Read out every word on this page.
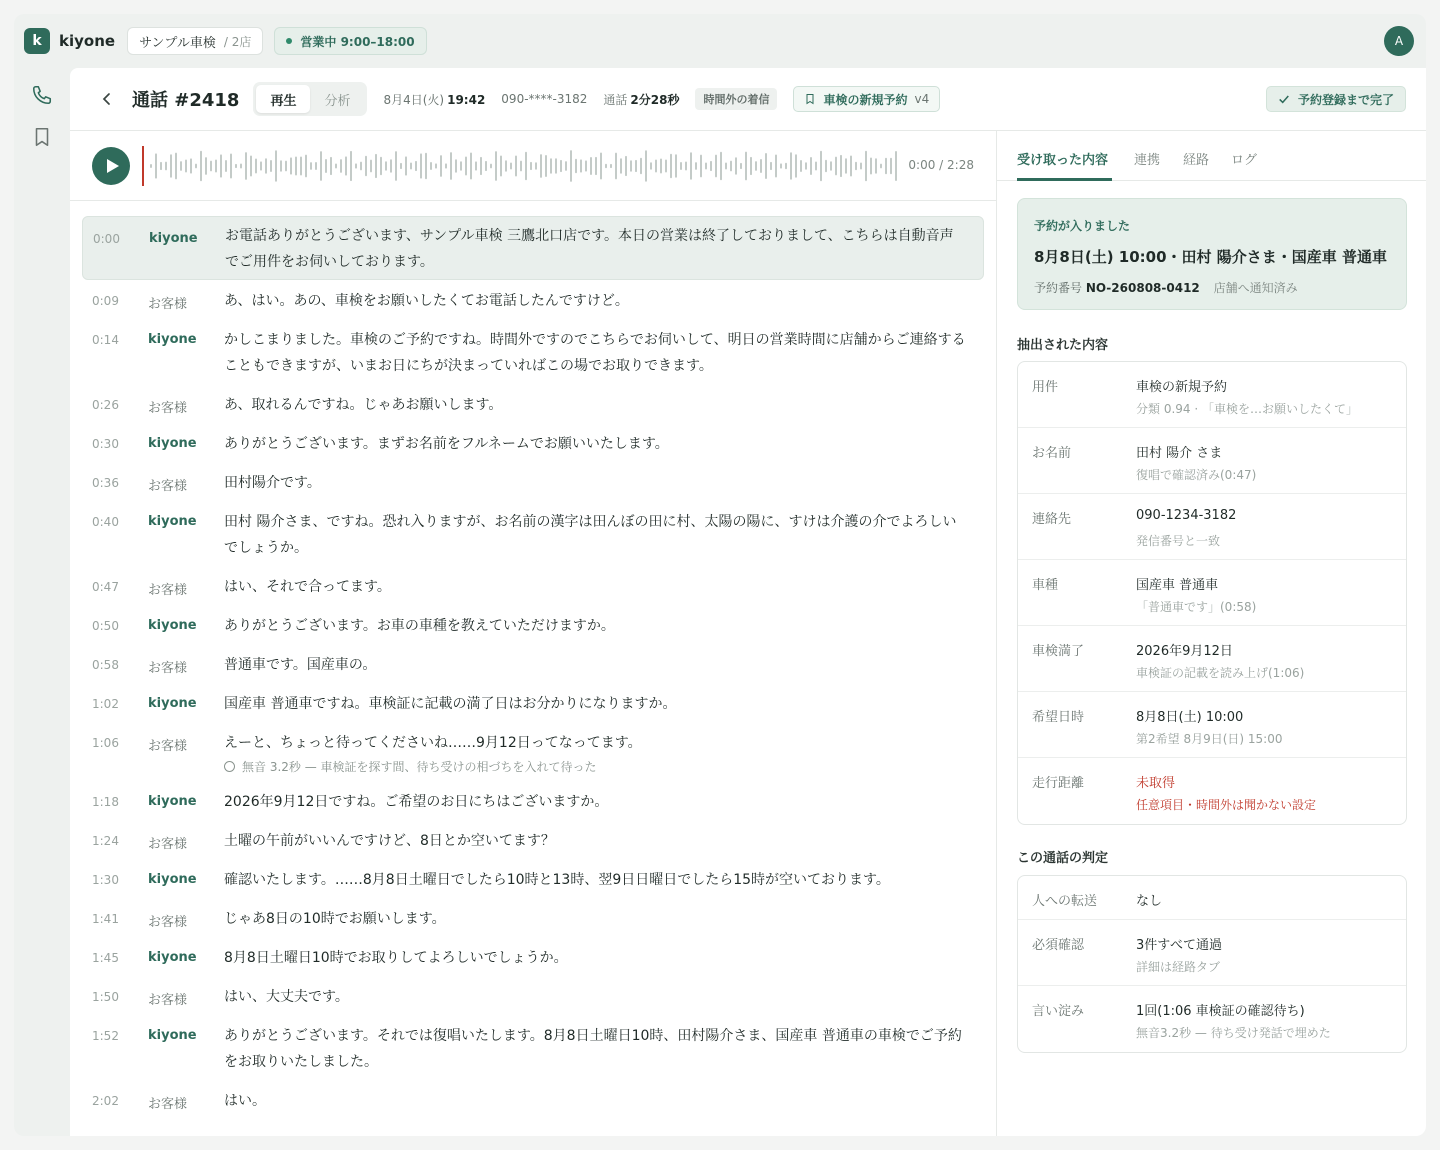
k	kiyone サンプル車検 / 2店	営業中 9:00–18:00	A
通話 #2418	再生	分析	8月4日(火) 19:42 090-****-3182 通話 2分28秒	時間外の着信	車検の新規予約 v4	予約登録まで完了
0:00 / 2:28
0:00 kiyone お電話ありがとうございます、サンプル車検 三鷹北口店です。本日の営業は終了しておりまして、こちらは自動音声でご用件をお伺いしております。
0:09 お客様	あ、はい。あの、車検をお願いしたくてお電話したんですけど。
0:14 kiyone かしこまりました。車検のご予約ですね。時間外ですのでこちらでお伺いして、明日の営業時間に店舗からご連絡することもできますが、いまお日にちが決まっていればこの場でお取りできます。
0:26 お客様	あ、取れるんですね。じゃあお願いします。
0:30 kiyone ありがとうございます。まずお名前をフルネームでお願いいたします。
0:36 お客様	田村陽介です。
0:40 kiyone 田村 陽介さま、ですね。恐れ入りますが、お名前の漢字は田んぼの田に村、太陽の陽に、すけは介護の介でよろしいでしょうか。
0:47 お客様	はい、それで合ってます。
0:50 kiyone ありがとうございます。お車の車種を教えていただけますか。
0:58 お客様	普通車です。国産車の。
1:02 kiyone 国産車 普通車ですね。車検証に記載の満了日はお分かりになりますか。
1:06 お客様	えーと、ちょっと待ってくださいね……9月12日ってなってます。
無音 3.2秒 — 車検証を探す間、待ち受けの相づちを入れて待った
1:18 kiyone 2026年9月12日ですね。ご希望のお日にちはございますか。
1:24 お客様	土曜の午前がいいんですけど、8日とか空いてます？
1:30 kiyone 確認いたします。……8月8日土曜日でしたら10時と13時、翌9日日曜日でしたら15時が空いております。
1:41 お客様	じゃあ8日の10時でお願いします。
1:45 kiyone 8月8日土曜日10時でお取りしてよろしいでしょうか。
1:50 お客様	はい、大丈夫です。
1:52 kiyone ありがとうございます。それでは復唱いたします。8月8日土曜日10時、田村陽介さま、国産車 普通車の車検でご予約をお取りいたしました。
2:02 お客様	はい。
受け取った内容 連携 経路 ログ
予約が入りました
8月8日(土) 10:00・田村 陽介さま・国産車 普通車
予約番号 NO-260808-0412 店舗へ通知済み
抽出された内容
用件	車検の新規予約
分類 0.94 · 「車検を…お願いしたくて」
お名前	田村 陽介 さま
復唱で確認済み(0:47)
連絡先	090-1234-3182
発信番号と一致
車種	国産車 普通車
「普通車です」(0:58)
車検満了	2026年9月12日
車検証の記載を読み上げ(1:06)
希望日時	8月8日(土) 10:00
第2希望 8月9日(日) 15:00
走行距離	未取得
任意項目・時間外は聞かない設定
この通話の判定
人への転送	なし
必須確認	3件すべて通過
詳細は経路タブ
言い淀み	1回(1:06 車検証の確認待ち)
無音3.2秒 — 待ち受け発話で埋めた
